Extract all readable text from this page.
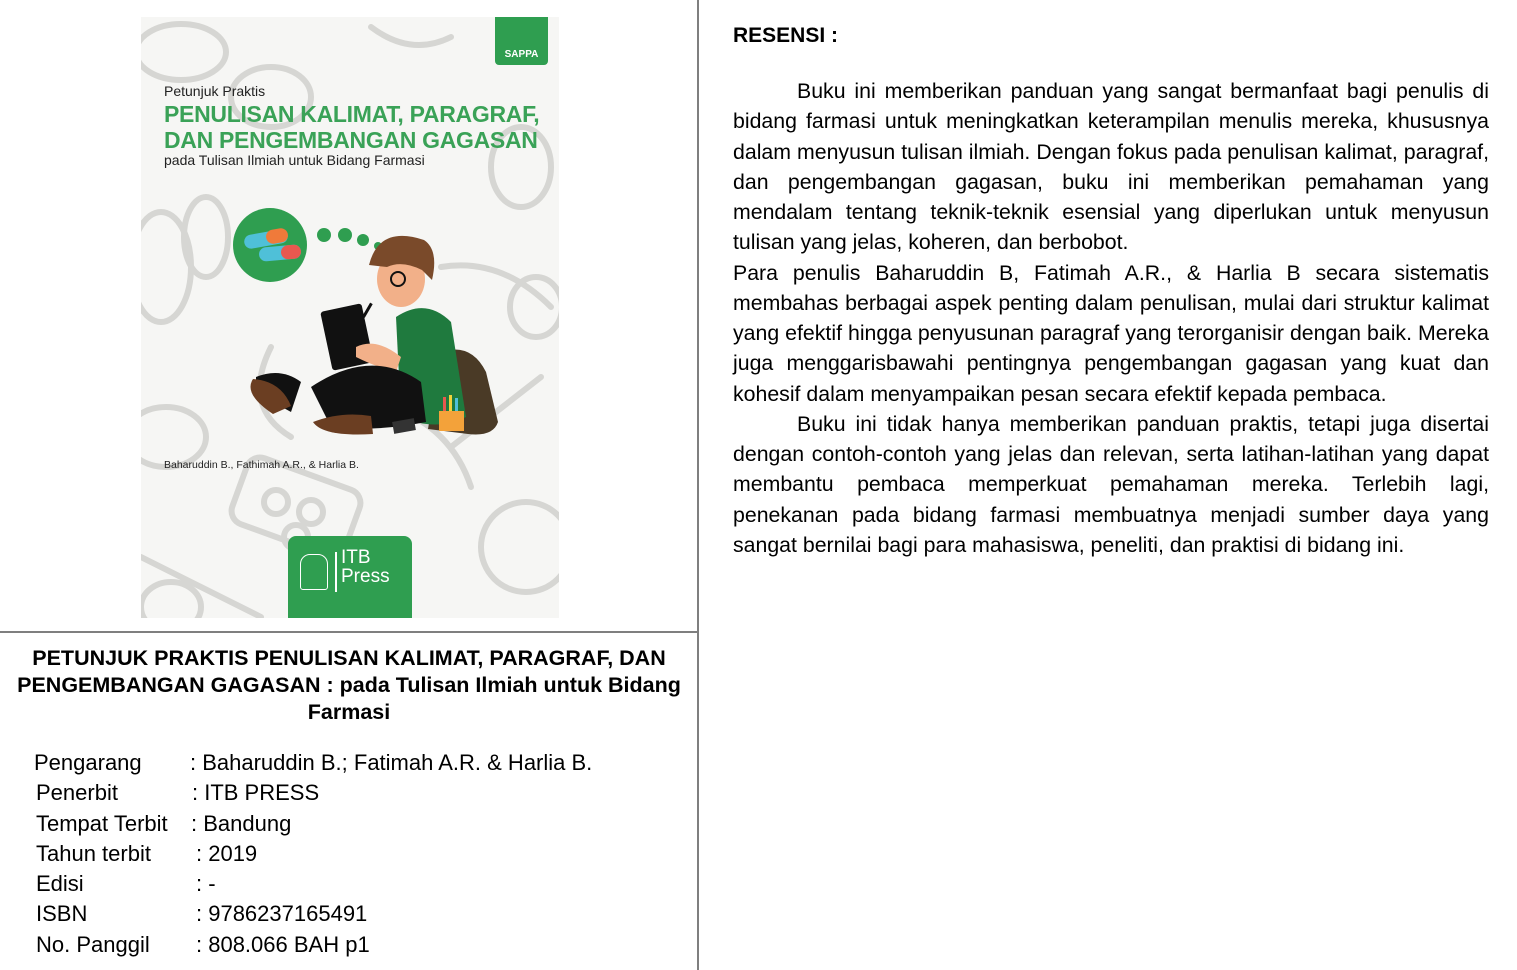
SAPPA
Petunjuk Praktis
PENULISAN KALIMAT, PARAGRAF,
DAN PENGEMBANGAN GAGASAN
pada Tulisan Ilmiah untuk Bidang Farmasi
Baharuddin B., Fathimah A.R., & Harlia B.
ITB
Press
PETUNJUK PRAKTIS PENULISAN KALIMAT, PARAGRAF, DAN PENGEMBANGAN GAGASAN : pada Tulisan Ilmiah untuk Bidang Farmasi
Pengarang : Baharuddin B.; Fatimah A.R. & Harlia B.
Penerbit	: ITB PRESS
Tempat Terbit : Bandung
Tahun terbit : 2019
Edisi	: -
ISBN	: 9786237165491
No. Panggil : 808.066 BAH p1
RESENSI :

Buku ini memberikan panduan yang sangat bermanfaat bagi penulis di bidang farmasi untuk meningkatkan keterampilan menulis mereka, khususnya dalam menyusun tulisan ilmiah. Dengan fokus pada penulisan kalimat, paragraf, dan pengembangan gagasan, buku ini memberikan pemahaman yang mendalam tentang teknik-teknik esensial yang diperlukan untuk menyusun tulisan yang jelas, koheren, dan berbobot.

Para penulis Baharuddin B, Fatimah A.R., & Harlia B secara sistematis membahas berbagai aspek penting dalam penulisan, mulai dari struktur kalimat yang efektif hingga penyusunan paragraf yang terorganisir dengan baik. Mereka juga menggarisbawahi pentingnya pengembangan gagasan yang kuat dan kohesif dalam menyampaikan pesan secara efektif kepada pembaca.

Buku ini tidak hanya memberikan panduan praktis, tetapi juga disertai dengan contoh-contoh yang jelas dan relevan, serta latihan-latihan yang dapat membantu pembaca memperkuat pemahaman mereka. Terlebih lagi, penekanan pada bidang farmasi membuatnya menjadi sumber daya yang sangat bernilai bagi para mahasiswa, peneliti, dan praktisi di bidang ini.
